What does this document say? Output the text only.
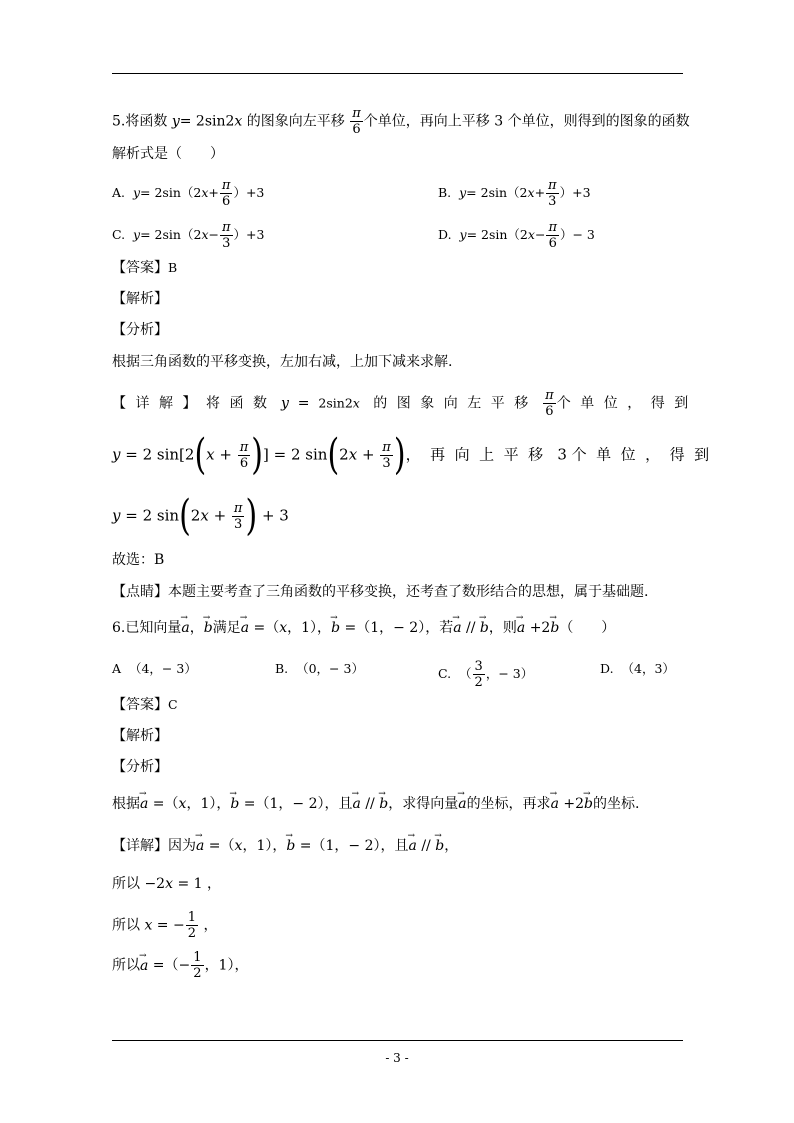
5.将函数 y= 2sin2x 的图象向左平移 $\frac{\pi}{6}$ 个单位，再向上平移 3 个单位，则得到的图象的函数
解析式是（　　）
A.  $y= 2\sin(2x+ \frac{\pi}{6} )+3$	B.  $y= 2\sin(2x+ \frac{\pi}{3} )+3$
C.  $y= 2\sin(2x- \frac{\pi}{3} )+3$	D.  $y= 2\sin(2x- \frac{\pi}{6}$ ）− 3
【答案】B
【解析】
【分析】
根据三角函数的平移变换，左加右减，上加下减来求解.
【详解】将函数 y  =  2sin2x 的图象向左平移 $\frac{\pi}{6}$ 个单位，得到
y = 2 $\sin[2(x + \frac{\pi}{6}$ )] = 2 $\sin(2x + \frac{\pi}{3}$ )，再向上平移 3 个单位，得到
y = 2 $\sin(2x + \frac{\pi}{3}$ ) + 3
故选：B
【点睛】本题主要考查了三角函数的平移变换，还考查了数形结合的思想，属于基础题.
6.已知向量→ a，→ b满足→ a =（x，1），→ b =（1，− 2），若→ a // → b，则→ a +2→ b（　　）
A  （4，− 3）	B.  （0，− 3）	C.  （ $\frac{3}{2}$ ，− 3）	D.  （4，3）
【答案】C
【解析】
【分析】
根据→ a =（x，1），→ b =（1，− 2），且→ a // → b，求得向量→ a的坐标，再求→ a +2→ b的坐标.
【详解】因为→ a =（x，1），→ b =（1，− 2），且→ a // → b，
所以 −2x = 1 ，
所以 x = − $\frac{1}{2}$ ，
所以→ a =（− $\frac{1}{2}$ ，1），
- 3 -
